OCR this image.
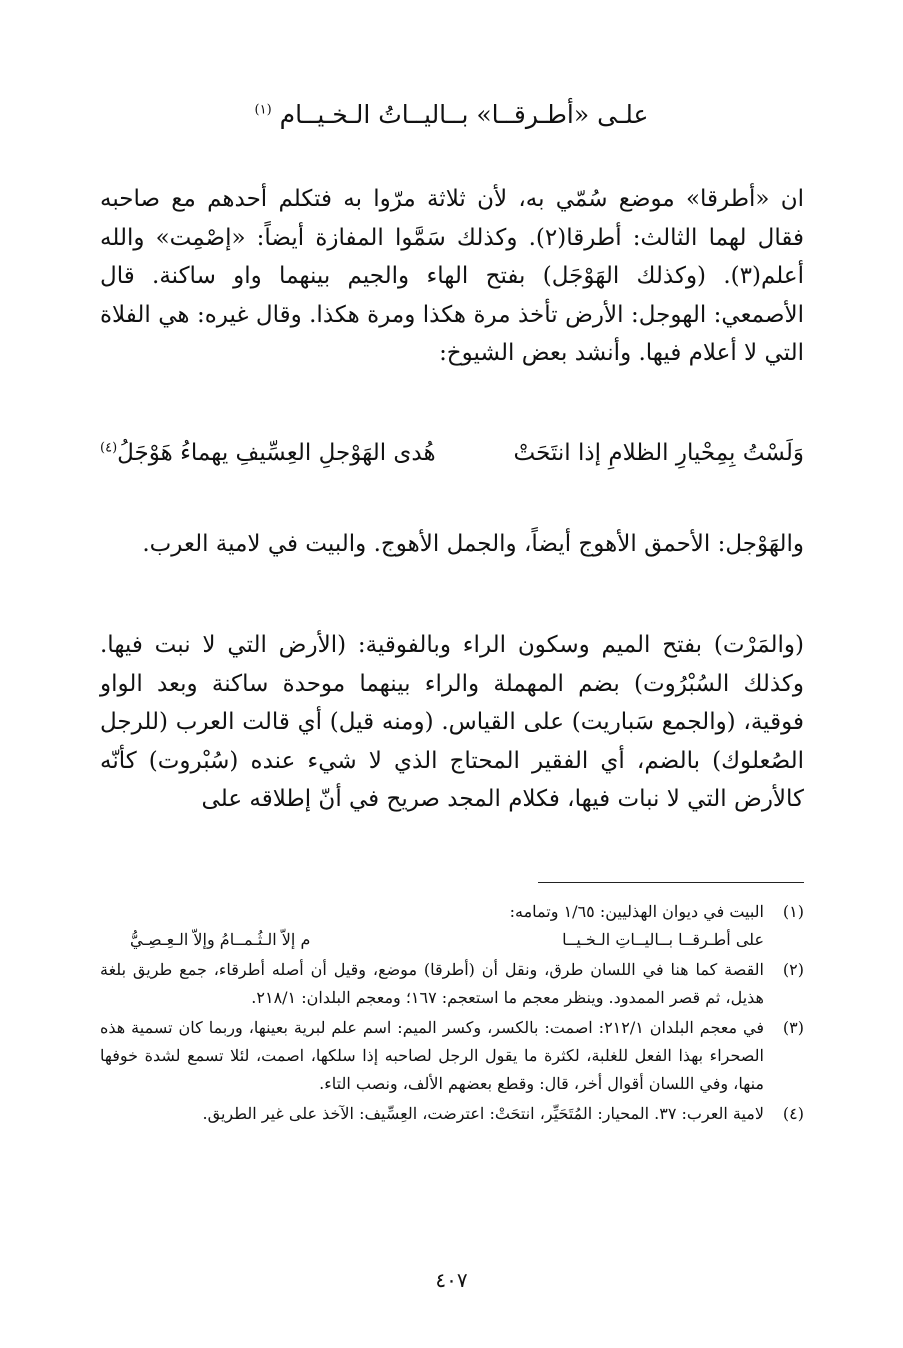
علـى «أطـرقــا» بــاليــاتُ الـخـيــام $^{(١)}$
ان «أطرقا» موضع سُمّي به، لأن ثلاثة مرّوا به فتكلم أحدهم مع صاحبه فقال لهما الثالث: أطرقا(٢). وكذلك سَمَّوا المفازة أيضاً: «إصْمِت» والله أعلم(٣). (وكذلك الهَوْجَل) بفتح الهاء والجيم بينهما واو ساكنة. قال الأصمعي: الهوجل: الأرض تأخذ مرة هكذا ومرة هكذا. وقال غيره: هي الفلاة التي لا أعلام فيها. وأنشد بعض الشيوخ:
وَلَسْتُ بِمِحْيارِ الظلامِ إذا انتَحَتْ
هُدى الهَوْجلِ العِسِّيفِ يهماءُ هَوْجَلُ$^{(٤)}$
والهَوْجل: الأحمق الأهوج أيضاً، والجمل الأهوج. والبيت في لامية العرب.
(والمَرْت) بفتح الميم وسكون الراء وبالفوقية: (الأرض التي لا نبت فيها. وكذلك السُبْرُوت) بضم المهملة والراء بينهما موحدة ساكنة وبعد الواو فوقية، (والجمع سَباريت) على القياس. (ومنه قيل) أي قالت العرب (للرجل الصُعلوك) بالضم، أي الفقير المحتاج الذي لا شيء عنده (سُبْروت) كأنّه كالأرض التي لا نبات فيها، فكلام المجد صريح في أنّ إطلاقه على
(١)
البيت في ديوان الهذليين: ١/٦٥ وتمامه:
على أطـرقــا بــاليــاتِ الـخـيــا
م إلاّ الـثُـمــامُ وإلاّ الـعِـصِـيُّ
(٢)
القصة كما هنا في اللسان طرق، ونقل أن (أطرقا) موضع، وقيل أن أصله أطرقاء، جمع طريق بلغة هذيل، ثم قصر الممدود. وينظر معجم ما استعجم: ١٦٧؛ ومعجم البلدان: ٢١٨/١.
(٣)
في معجم البلدان ٢١٢/١: اصمت: بالكسر، وكسر الميم: اسم علم لبرية بعينها، وربما كان تسمية هذه الصحراء بهذا الفعل للغلبة، لكثرة ما يقول الرجل لصاحبه إذا سلكها، اصمت، لئلا تسمع لشدة خوفها منها، وفي اللسان أقوال أخر، قال: وقطع بعضهم الألف، ونصب التاء.
(٤)
لامية العرب: ٣٧. المحيار: المُتَحَيِّر، انتحَتْ: اعترضت، العِسِّيف: الآخذ على غير الطريق.
٤٠٧
